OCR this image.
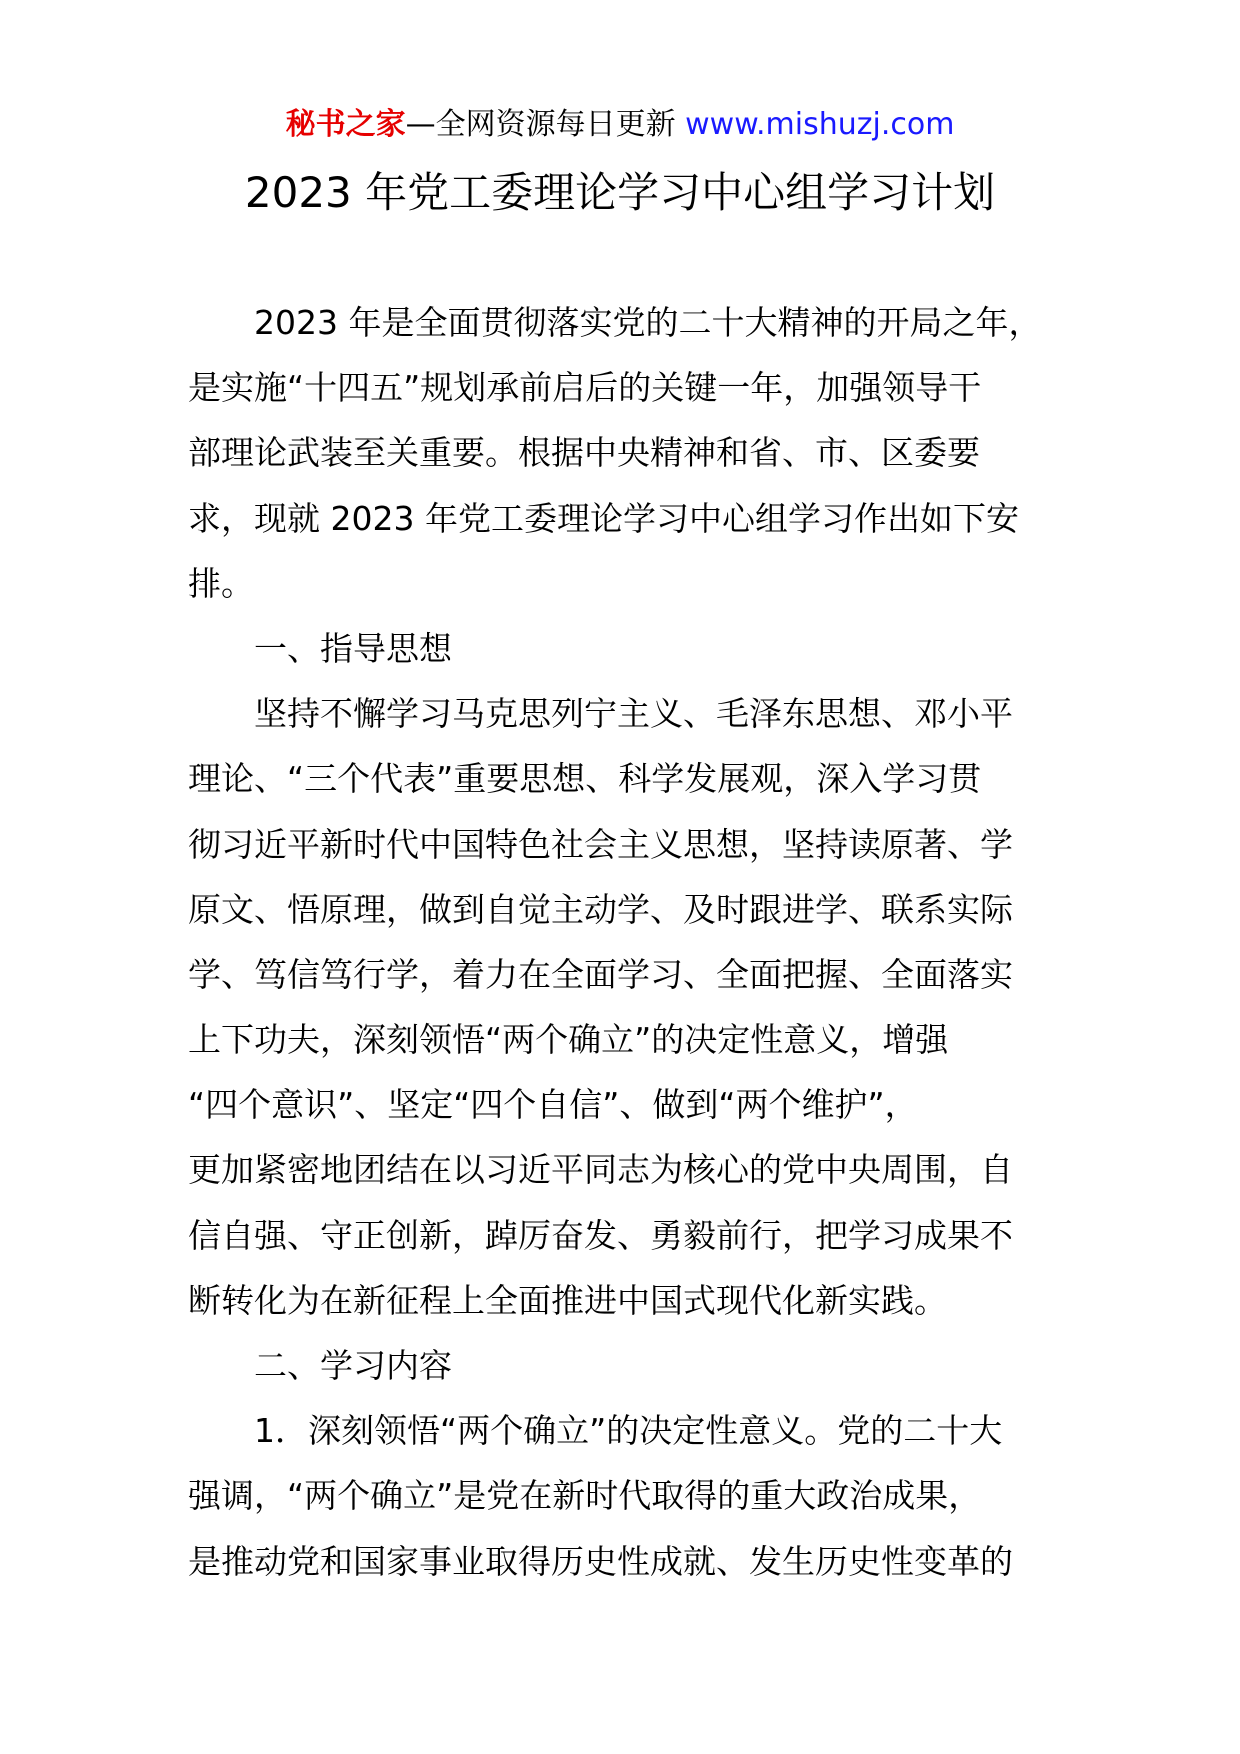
秘书之家—全网资源每日更新 www.mishuzj.com
2023 年党工委理论学习中心组学习计划
2023 年是全面贯彻落实党的二十大精神的开局之年，
是实施“十四五”规划承前启后的关键一年，加强领导干
部理论武装至关重要。根据中央精神和省、市、区委要
求，现就 2023 年党工委理论学习中心组学习作出如下安
排。
一、指导思想
坚持不懈学习马克思列宁主义、毛泽东思想、邓小平
理论、“三个代表”重要思想、科学发展观，深入学习贯
彻习近平新时代中国特色社会主义思想，坚持读原著、学
原文、悟原理，做到自觉主动学、及时跟进学、联系实际
学、笃信笃行学，着力在全面学习、全面把握、全面落实
上下功夫，深刻领悟“两个确立”的决定性意义，增强
“四个意识”、坚定“四个自信”、做到“两个维护”，
更加紧密地团结在以习近平同志为核心的党中央周围，自
信自强、守正创新，踔厉奋发、勇毅前行，把学习成果不
断转化为在新征程上全面推进中国式现代化新实践。
二、学习内容
1．深刻领悟“两个确立”的决定性意义。党的二十大
强调，“两个确立”是党在新时代取得的重大政治成果，
是推动党和国家事业取得历史性成就、发生历史性变革的
